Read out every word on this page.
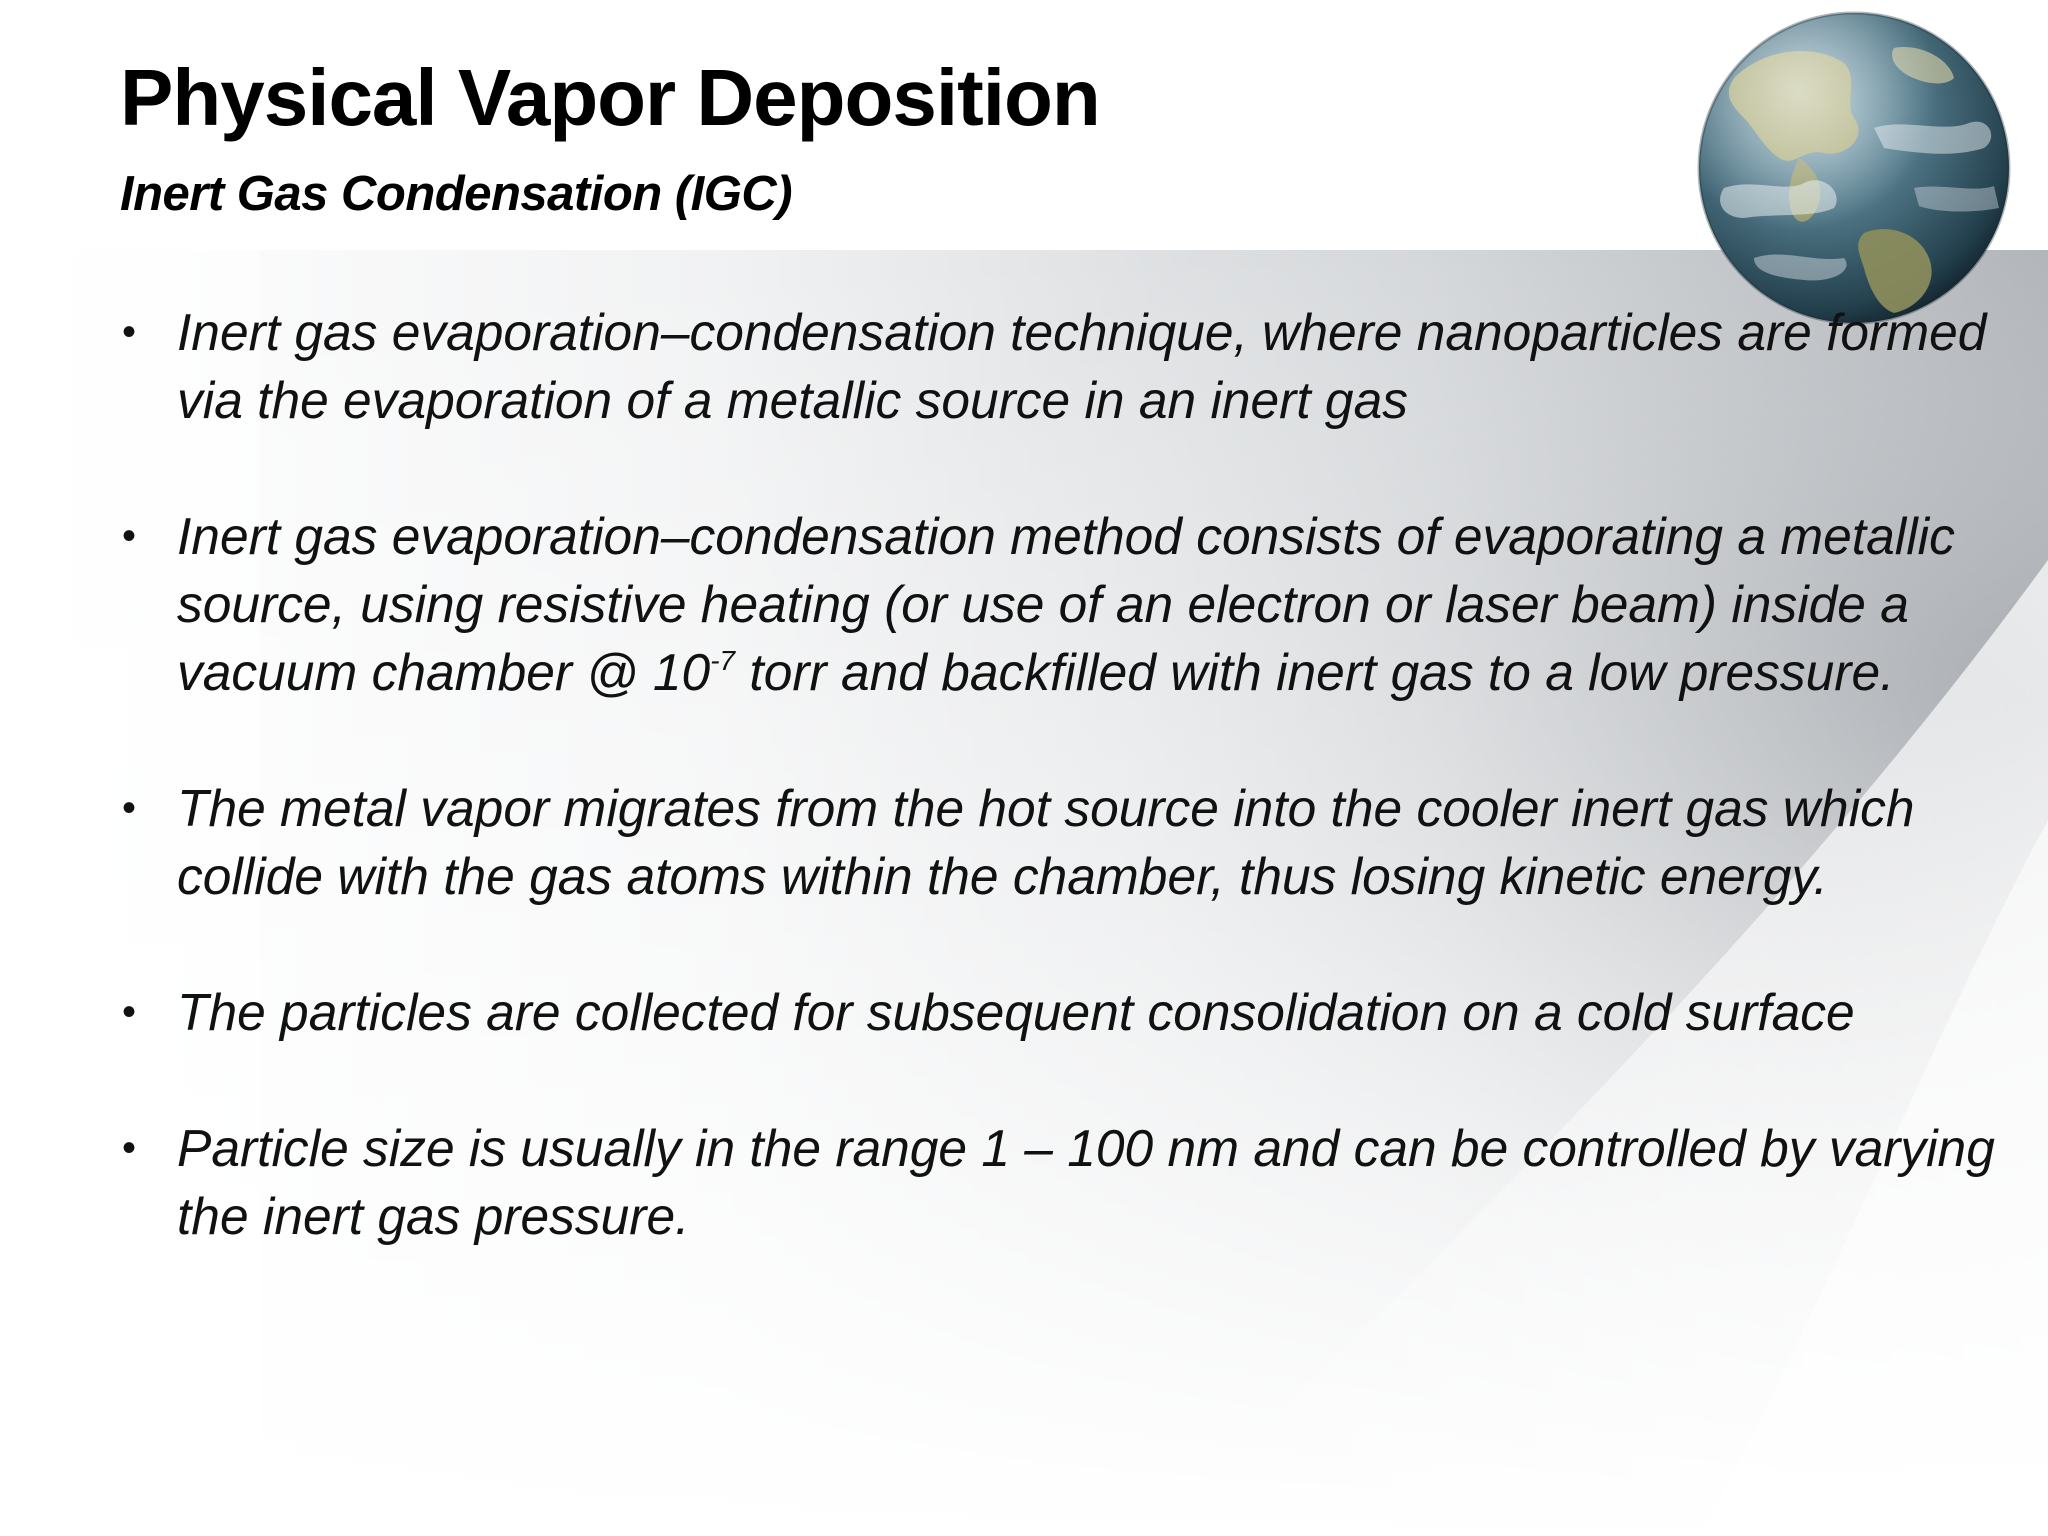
Physical Vapor Deposition
Inert Gas Condensation (IGC)
• Inert gas evaporation–condensation technique, where nanoparticles are formed via the evaporation of a metallic source in an inert gas
• Inert gas evaporation–condensation method consists of evaporating a metallic source, using resistive heating (or use of an electron or laser beam) inside a vacuum chamber @ $10^{-7}$ torr and backfilled with inert gas to a low pressure.
• The metal vapor migrates from the hot source into the cooler inert gas which collide with the gas atoms within the chamber, thus losing kinetic energy.
• The particles are collected for subsequent consolidation on a cold surface
• Particle size is usually in the range 1 – 100 nm and can be controlled by varying the inert gas pressure.
